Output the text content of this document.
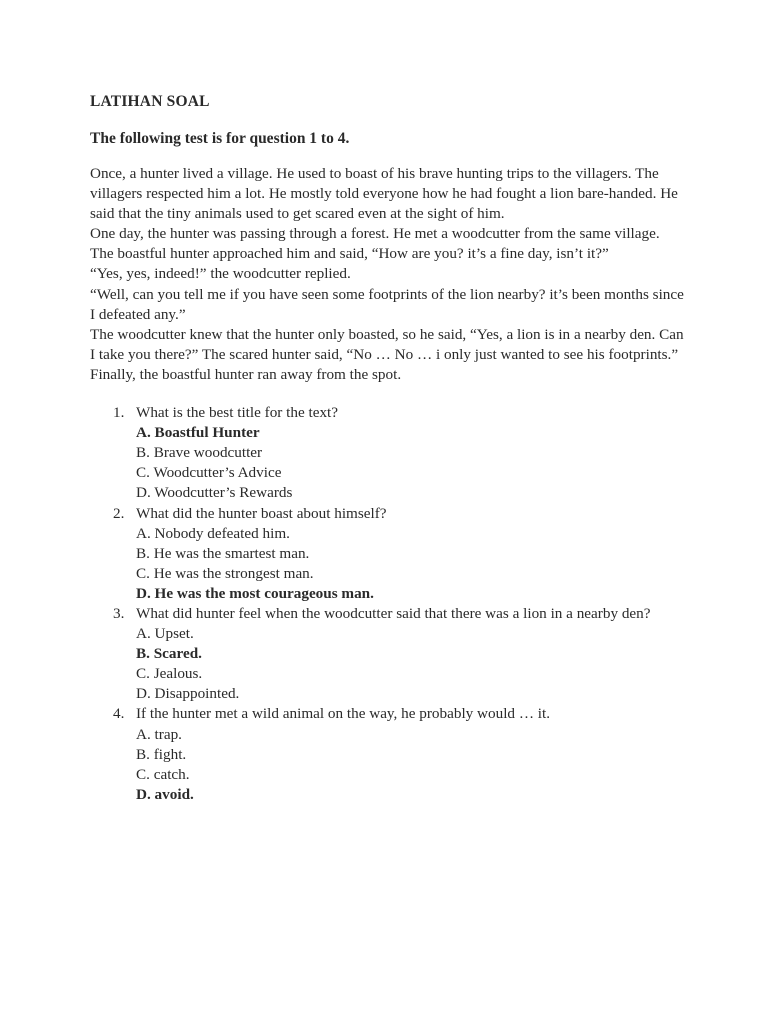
LATIHAN SOAL
The following test is for question 1 to 4.

Once, a hunter lived a village. He used to boast of his brave hunting trips to the villagers. The villagers respected him a lot. He mostly told everyone how he had fought a lion bare-handed. He said that the tiny animals used to get scared even at the sight of him.

One day, the hunter was passing through a forest. He met a woodcutter from the same village.

The boastful hunter approached him and said, “How are you? it’s a fine day, isn’t it?”

“Yes, yes, indeed!” the woodcutter replied.

“Well, can you tell me if you have seen some footprints of the lion nearby? it’s been months since I defeated any.”

The woodcutter knew that the hunter only boasted, so he said, “Yes, a lion is in a nearby den. Can I take you there?” The scared hunter said, “No … No … i only just wanted to see his footprints.”

Finally, the boastful hunter ran away from the spot.

1. What is the best title for the text?
A. Boastful Hunter
B. Brave woodcutter
C. Woodcutter’s Advice
D. Woodcutter’s Rewards
2. What did the hunter boast about himself?
A. Nobody defeated him.
B. He was the smartest man.
C. He was the strongest man.
D. He was the most courageous man.
3. What did hunter feel when the woodcutter said that there was a lion in a nearby den?
A. Upset.
B. Scared.
C. Jealous.
D. Disappointed.
4. If the hunter met a wild animal on the way, he probably would … it.
A. trap.
B. fight.
C. catch.
D. avoid.
